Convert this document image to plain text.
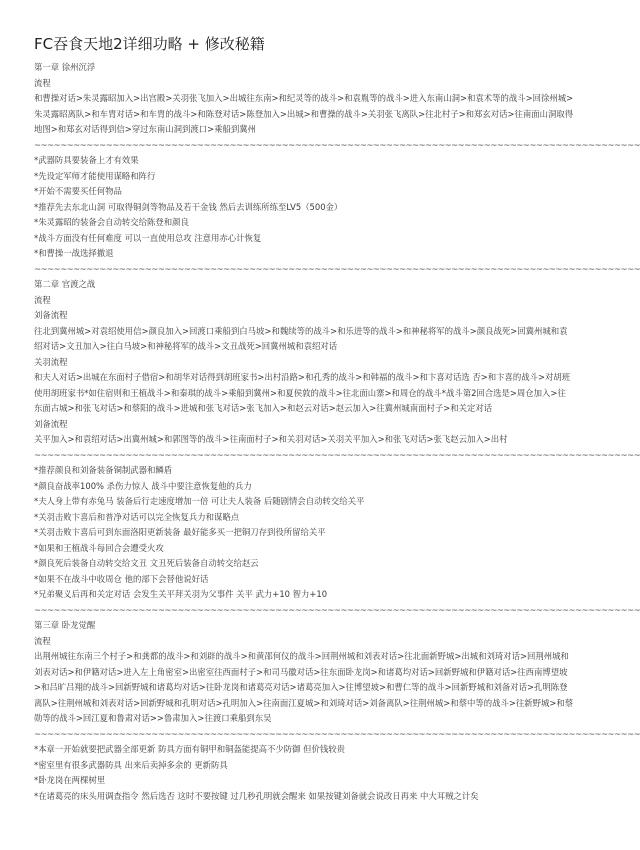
FC吞食天地2详细功略 + 修改秘籍
第一章 徐州沉浮
流程
和曹操对话>朱灵露昭加入>出宫殿>关羽张飞加入>出城往东南>和纪灵等的战斗>和袁胤等的战斗>进入东南山洞>和袁术等的战斗>回徐州城>朱灵露昭离队>和车胄对话>和车胄的战斗>和陈登对话>陈登加入>出城>和曹操的战斗>关羽张飞离队>往北村子>和郑玄对话>往南面山洞取得地图>和郑玄对话得到信>穿过东南山洞到渡口>乘船到冀州
~~~~~~~~~~~~~~~~~~~~~~~~~~~~~~~~~~~~~~~~~~~~~~~~~~~~~~~~~~~~~~~~~~~~~~~~~~~~~~~~~~~~~~~~~~~~~
*武器防具要装备上才有效果
*先设定军师才能使用谋略和阵行
*开始不需要买任何物品
*推荐先去东北山洞 可取得铜剑等物品及若干金钱 然后去训练所练至LV5（500金）
*朱灵露昭的装备会自动转交给陈登和颜良
*战斗方面没有任何难度 可以一直使用总攻 注意用赤心计恢复
*和曹操一战选择撤退
~~~~~~~~~~~~~~~~~~~~~~~~~~~~~~~~~~~~~~~~~~~~~~~~~~~~~~~~~~~~~~~~~~~~~~~~~~~~~~~~~~~~~~~~~~~~~
第二章 官渡之战
流程
刘备流程
往北到冀州城>对袁绍使用信>颜良加入>回渡口乘船到白马坡>和魏续等的战斗>和乐进等的战斗>和神秘将军的战斗>颜良战死>回冀州城和袁绍对话>文丑加入>往白马坡>和神秘将军的战斗>文丑战死>回冀州城和袁绍对话
关羽流程
和夫人对话>出城在东面村子借宿>和胡华对话得到胡班家书>出村沿路>和孔秀的战斗>和韩福的战斗>和卞喜对话选 否>和卞喜的战斗>对胡班使用胡班家书*如住宿则和王植战斗>和秦琪的战斗>乘船到冀州>和夏侯敦的战斗>往北面山寨>和周仓的战斗*战斗第2回合选是>周仓加入>往东面古城>和张飞对话>和蔡阳的战斗>进城和张飞对话>张飞加入>和赵云对话>赵云加入>往冀州城南面村子>和关定对话
刘备流程
关平加入>和袁绍对话>出冀州城>和郭图等的战斗>往南面村子>和关羽对话>关羽关平加入>和张飞对话>张飞赵云加入>出村
~~~~~~~~~~~~~~~~~~~~~~~~~~~~~~~~~~~~~~~~~~~~~~~~~~~~~~~~~~~~~~~~~~~~~~~~~~~~~~~~~~~~~~~~~~~~~
*推荐颜良和刘备装备铜制武器和鳞盾
*颜良奋战率100% 杀伤力惊人 战斗中要注意恢复他的兵力
*夫人身上带有赤兔马 装备后行走速度增加一倍 可让夫人装备 后随剧情会自动转交给关平
*关羽击败卞喜后和普净对话可以完全恢复兵力和谋略点
*关羽击败卞喜后可到东面洛阳更新装备 最好能多买一把铜刀存到役所留给关平
*如果和王植战斗每回合会遭受火攻
*颜良死后装备自动转交给文丑 文丑死后装备自动转交给赵云
*如果不在战斗中收周仓 他的部下会替他说好话
*兄弟聚义后再和关定对话 会发生关平拜关羽为父事件 关平 武力+10 智力+10
~~~~~~~~~~~~~~~~~~~~~~~~~~~~~~~~~~~~~~~~~~~~~~~~~~~~~~~~~~~~~~~~~~~~~~~~~~~~~~~~~~~~~~~~~~~~~
第三章 卧龙觉醒
流程
出荆州城往东南三个村子>和龚都的战斗>和刘辟的战斗>和黄邵何仪的战斗>回荆州城和刘表对话>往北面新野城>出城和刘琦对话>回荆州城和刘表对话>和伊籍对话>进入左上角密室>出密室往西面村子>和司马徽对话>往东面卧龙岗>和诸葛均对话>回新野城和伊籍对话>往西南博望坡>和吕旷吕翔的战斗>回新野城和诸葛均对话>往卧龙岗和诸葛亮对话>诸葛亮加入>往博望坡>和曹仁等的战斗>回新野城和刘备对话>孔明陈登离队>往荆州城和刘表对话>回新野城和孔明对话>孔明加入>往南面江夏城>和刘琦对话>刘备离队>往荆州城>和蔡中等的战斗>往新野城>和蔡勋等的战斗>回江夏和鲁肃对话>>鲁肃加入>往渡口乘船到东吴
~~~~~~~~~~~~~~~~~~~~~~~~~~~~~~~~~~~~~~~~~~~~~~~~~~~~~~~~~~~~~~~~~~~~~~~~~~~~~~~~~~~~~~~~~~~~~
*本章一开始就要把武器全部更新 防具方面有铜甲和铜盔能提高不少防御 但价钱较贵
*密室里有很多武器防具 出来后卖掉多余的 更新防具
*卧龙岗在两棵树里
*在诸葛亮的床头用调查指令 然后选否 这时不要按键 过几秒孔明就会醒来 如果按键刘备就会说改日再来 中大耳贼之计矣
